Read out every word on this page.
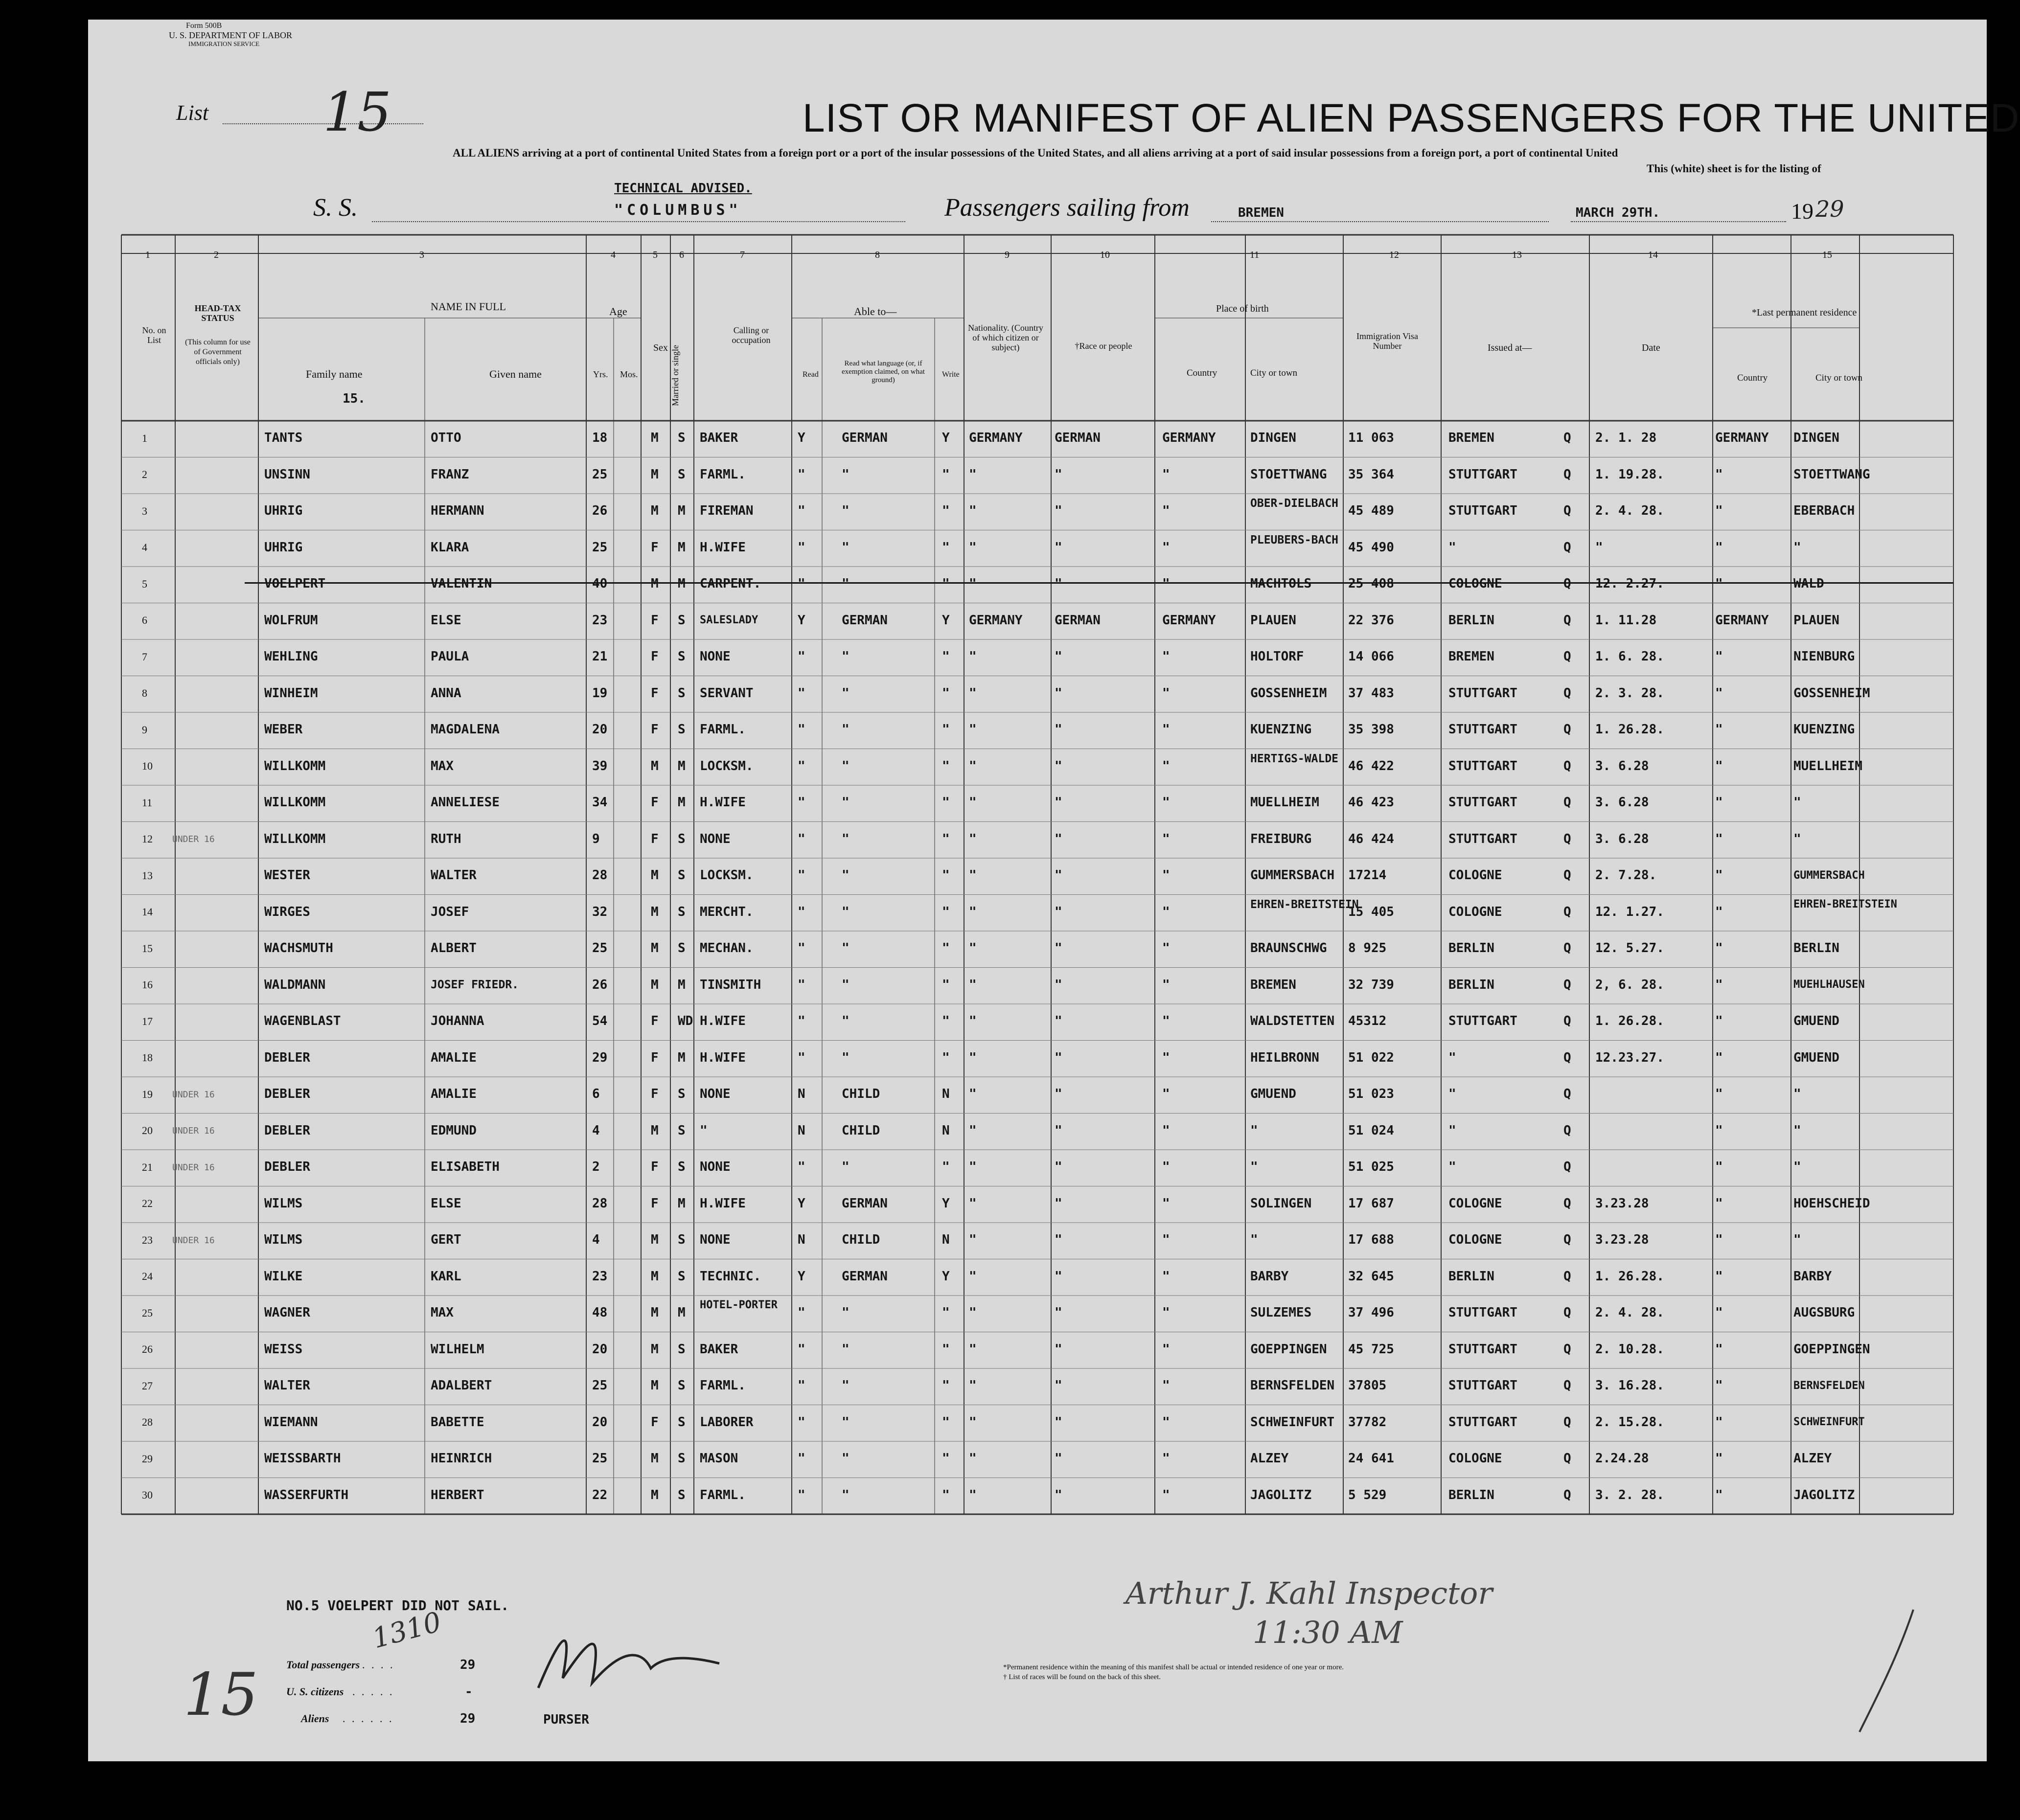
Form 500B
U. S. DEPARTMENT OF LABOR
IMMIGRATION SERVICE
List 15	LIST OR MANIFEST OF ALIEN PASSENGERS FOR THE UNITED
ALL ALIENS arriving at a port of continental United States from a foreign port or a port of the insular possessions of the United States, and all aliens arriving at a port of said insular possessions from a foreign port, a port of continental United
This (white) sheet is for the listing of
S. S.
TECHNICAL ADVISED.
"COLUMBUS"	Passengers sailing from	BREMEN	MARCH 29TH.	19 29
1	2	3	4	5 6	7	8	9	10	11	12	13	14	15
No. on List
HEAD-TAX STATUS
(This column for use of Government officials only)
NAME IN FULL
Family name
15.
Given name
Age
Yrs. Mos.
Sex Married or single
Calling or occupation
Able to—
Read
Read what language (or, if exemption claimed, on what ground)
Write
Nationality. (Country of which citizen or subject)	†Race or people
Place of birth
Country	City or town
Immigration Visa Number	Issued at—	Date
*Last permanent residence
Country	City or town
1	TANTS	OTTO	18	M S BAKER	Y	GERMAN	Y GERMANY	GERMAN	GERMANY	DINGEN	11 063	BREMEN	Q 2. 1. 28	GERMANY DINGEN
2	UNSINN	FRANZ	25	M S FARML.	"	"	" "	"	"	STOETTWANG 35 364	STUTTGART	Q 1. 19.28.	"	STOETTWANG
3	UHRIG	HERMANN	26	M M FIREMAN	"	"	" "	"	"
OBER-DIELBACH
45 489	STUTTGART	Q 2. 4. 28.	"	EBERBACH
4	UHRIG	KLARA	25	F M H.WIFE	"	"	" "	"	"
PLEUBERS-BACH
45 490	"	Q "	"	"
5	VOELPERT	VALENTIN	40	M M CARPENT.	"	"	" "	"	"	MACHTOLS	25 408	COLOGNE	Q 12. 2.27.	"	WALD
6	WOLFRUM	ELSE	23	F S SALESLADY	Y	GERMAN	Y GERMANY	GERMAN	GERMANY	PLAUEN	22 376	BERLIN	Q 1. 11.28	GERMANY PLAUEN
7	WEHLING	PAULA	21	F S NONE	"	"	" "	"	"	HOLTORF	14 066	BREMEN	Q 1. 6. 28.	"	NIENBURG
8	WINHEIM	ANNA	19	F S SERVANT	"	"	" "	"	"	GOSSENHEIM 37 483	STUTTGART	Q 2. 3. 28.	"	GOSSENHEIM
9	WEBER	MAGDALENA	20	F S FARML.	"	"	" "	"	"	KUENZING	35 398	STUTTGART	Q 1. 26.28.	"	KUENZING
10	WILLKOMM	MAX	39	M M LOCKSM.	"	"	" "	"	"
HERTIGS-WALDE
46 422	STUTTGART	Q 3. 6.28	"	MUELLHEIM
11	WILLKOMM	ANNELIESE	34	F M H.WIFE	"	"	" "	"	"	MUELLHEIM 46 423	STUTTGART	Q 3. 6.28	"	"
12 UNDER 16	WILLKOMM	RUTH	9	F S NONE	"	"	" "	"	"	FREIBURG	46 424	STUTTGART	Q 3. 6.28	"	"
13	WESTER	WALTER	28	M S LOCKSM.	"	"	" "	"	"	GUMMERSBACH 17214	COLOGNE	Q 2. 7.28.	"	GUMMERSBACH
14	WIRGES	JOSEF	32	M S MERCHT.	"	"	" "	"	"
EHREN-BREITSTEIN
15 405	COLOGNE	Q 12. 1.27.	"
EHREN-BREITSTEIN
15	WACHSMUTH	ALBERT	25	M S MECHAN.	"	"	" "	"	"	BRAUNSCHWG 8 925	BERLIN	Q 12. 5.27.	"	BERLIN
16	WALDMANN	JOSEF FRIEDR.	26	M M TINSMITH	"	"	" "	"	"	BREMEN	32 739	BERLIN	Q 2, 6. 28.	"	MUEHLHAUSEN
17	WAGENBLAST	JOHANNA	54	F WD H.WIFE	"	"	" "	"	"	WALDSTETTEN 45312	STUTTGART	Q 1. 26.28.	"	GMUEND
18	DEBLER	AMALIE	29	F M H.WIFE	"	"	" "	"	"	HEILBRONN 51 022	"	Q 12.23.27.	"	GMUEND
19 UNDER 16	DEBLER	AMALIE	6	F S NONE	N	CHILD	N "	"	"	GMUEND	51 023	"	Q	"	"
20 UNDER 16	DEBLER	EDMUND	4	M S "	N	CHILD	N "	"	"	"	51 024	"	Q	"	"
21 UNDER 16	DEBLER	ELISABETH	2	F S NONE	"	"	" "	"	"	"	51 025	"	Q	"	"
22	WILMS	ELSE	28	F M H.WIFE	Y	GERMAN	Y "	"	"	SOLINGEN	17 687	COLOGNE	Q 3.23.28	"	HOEHSCHEID
23 UNDER 16	WILMS	GERT	4	M S NONE	N	CHILD	N "	"	"	"	17 688	COLOGNE	Q 3.23.28	"	"
24	WILKE	KARL	23	M S TECHNIC.	Y	GERMAN	Y "	"	"	BARBY	32 645	BERLIN	Q 1. 26.28.	"	BARBY
25	WAGNER	MAX	48	M M
HOTEL-PORTER
"	"	" "	"	"	SULZEMES	37 496	STUTTGART	Q 2. 4. 28.	"	AUGSBURG
26	WEISS	WILHELM	20	M S BAKER	"	"	" "	"	"	GOEPPINGEN 45 725	STUTTGART	Q 2. 10.28.	"	GOEPPINGEN
27	WALTER	ADALBERT	25	M S FARML.	"	"	" "	"	"	BERNSFELDEN 37805	STUTTGART	Q 3. 16.28.	"	BERNSFELDEN
28	WIEMANN	BABETTE	20	F S LABORER	"	"	" "	"	"	SCHWEINFURT 37782	STUTTGART	Q 2. 15.28.	"	SCHWEINFURT
29	WEISSBARTH	HEINRICH	25	M S MASON	"	"	" "	"	"	ALZEY	24 641	COLOGNE	Q 2.24.28	"	ALZEY
30	WASSERFURTH	HERBERT	22	M S FARML.	"	"	" "	"	"	JAGOLITZ	5 529	BERLIN	Q 3. 2. 28.	"	JAGOLITZ
NO.5 VOELPERT DID NOT SAIL.
Total passengers . . . .	29
U. S. citizens . . . . .	-
Aliens . . . . . .	29	PURSER
*Permanent residence within the meaning of this manifest shall be actual or intended residence of one year or more.
† List of races will be found on the back of this sheet.
Arthur J. Kahl Inspector
11:30 AM
15
1310
